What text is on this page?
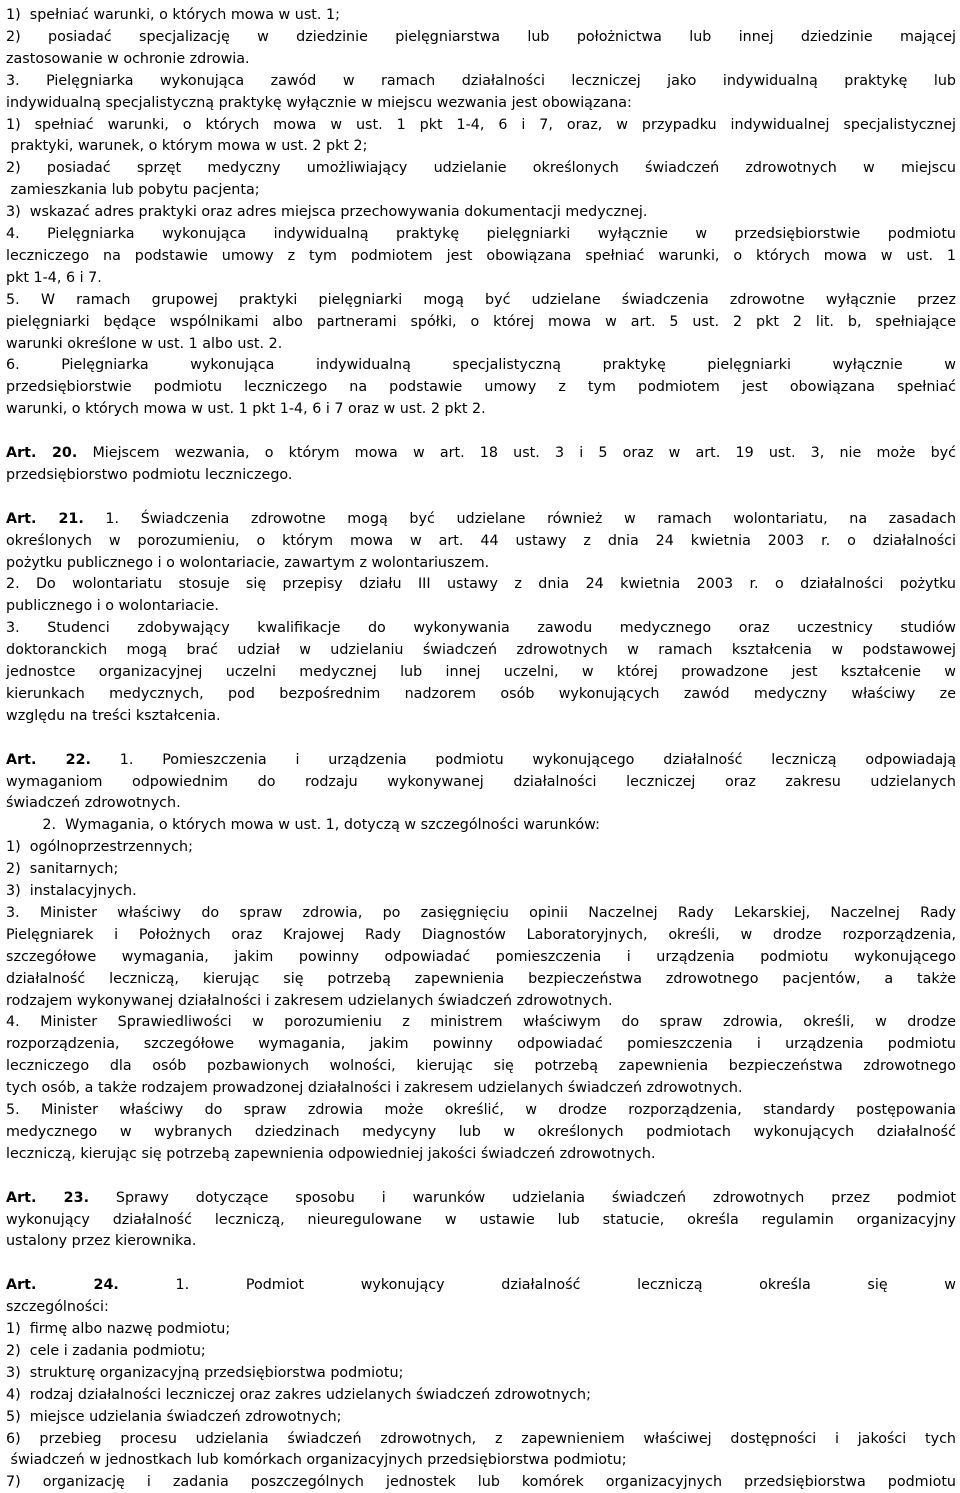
1)  spełniać warunki, o których mowa w ust. 1;
2) posiadać specjalizację w dziedzinie pielęgniarstwa lub położnictwa lub innej dziedzinie mającej
zastosowanie w ochronie zdrowia.
3. Pielęgniarka wykonująca zawód w ramach działalności leczniczej jako indywidualną praktykę lub
indywidualną specjalistyczną praktykę wyłącznie w miejscu wezwania jest obowiązana:
1) spełniać warunki, o których mowa w ust. 1 pkt 1-4, 6 i 7, oraz, w przypadku indywidualnej specjalistycznej
praktyki, warunek, o którym mowa w ust. 2 pkt 2;
2) posiadać sprzęt medyczny umożliwiający udzielanie określonych świadczeń zdrowotnych w miejscu
zamieszkania lub pobytu pacjenta;
3)  wskazać adres praktyki oraz adres miejsca przechowywania dokumentacji medycznej.
4. Pielęgniarka wykonująca indywidualną praktykę pielęgniarki wyłącznie w przedsiębiorstwie podmiotu
leczniczego na podstawie umowy z tym podmiotem jest obowiązana spełniać warunki, o których mowa w ust. 1
pkt 1-4, 6 i 7.
5. W ramach grupowej praktyki pielęgniarki mogą być udzielane świadczenia zdrowotne wyłącznie przez
pielęgniarki będące wspólnikami albo partnerami spółki, o której mowa w art. 5 ust. 2 pkt 2 lit. b, spełniające
warunki określone w ust. 1 albo ust. 2.
6. Pielęgniarka wykonująca indywidualną specjalistyczną praktykę pielęgniarki wyłącznie w
przedsiębiorstwie podmiotu leczniczego na podstawie umowy z tym podmiotem jest obowiązana spełniać
warunki, o których mowa w ust. 1 pkt 1-4, 6 i 7 oraz w ust. 2 pkt 2.
Art. 20. Miejscem wezwania, o którym mowa w art. 18 ust. 3 i 5 oraz w art. 19 ust. 3, nie może być
przedsiębiorstwo podmiotu leczniczego.
Art. 21. 1. Świadczenia zdrowotne mogą być udzielane również w ramach wolontariatu, na zasadach
określonych w porozumieniu, o którym mowa w art. 44 ustawy z dnia 24 kwietnia 2003 r. o działalności
pożytku publicznego i o wolontariacie, zawartym z wolontariuszem.
2. Do wolontariatu stosuje się przepisy działu III ustawy z dnia 24 kwietnia 2003 r. o działalności pożytku
publicznego i o wolontariacie.
3. Studenci zdobywający kwalifikacje do wykonywania zawodu medycznego oraz uczestnicy studiów
doktoranckich mogą brać udział w udzielaniu świadczeń zdrowotnych w ramach kształcenia w podstawowej
jednostce organizacyjnej uczelni medycznej lub innej uczelni, w której prowadzone jest kształcenie w
kierunkach medycznych, pod bezpośrednim nadzorem osób wykonujących zawód medyczny właściwy ze
względu na treści kształcenia.
Art. 22. 1. Pomieszczenia i urządzenia podmiotu wykonującego działalność leczniczą odpowiadają
wymaganiom odpowiednim do rodzaju wykonywanej działalności leczniczej oraz zakresu udzielanych
świadczeń zdrowotnych.
2.  Wymagania, o których mowa w ust. 1, dotyczą w szczególności warunków:
1)  ogólnoprzestrzennych;
2)  sanitarnych;
3)  instalacyjnych.
3. Minister właściwy do spraw zdrowia, po zasięgnięciu opinii Naczelnej Rady Lekarskiej, Naczelnej Rady
Pielęgniarek i Położnych oraz Krajowej Rady Diagnostów Laboratoryjnych, określi, w drodze rozporządzenia,
szczegółowe wymagania, jakim powinny odpowiadać pomieszczenia i urządzenia podmiotu wykonującego
działalność leczniczą, kierując się potrzebą zapewnienia bezpieczeństwa zdrowotnego pacjentów, a także
rodzajem wykonywanej działalności i zakresem udzielanych świadczeń zdrowotnych.
4. Minister Sprawiedliwości w porozumieniu z ministrem właściwym do spraw zdrowia, określi, w drodze
rozporządzenia, szczegółowe wymagania, jakim powinny odpowiadać pomieszczenia i urządzenia podmiotu
leczniczego dla osób pozbawionych wolności, kierując się potrzebą zapewnienia bezpieczeństwa zdrowotnego
tych osób, a także rodzajem prowadzonej działalności i zakresem udzielanych świadczeń zdrowotnych.
5. Minister właściwy do spraw zdrowia może określić, w drodze rozporządzenia, standardy postępowania
medycznego w wybranych dziedzinach medycyny lub w określonych podmiotach wykonujących działalność
leczniczą, kierując się potrzebą zapewnienia odpowiedniej jakości świadczeń zdrowotnych.
Art. 23. Sprawy dotyczące sposobu i warunków udzielania świadczeń zdrowotnych przez podmiot
wykonujący działalność leczniczą, nieuregulowane w ustawie lub statucie, określa regulamin organizacyjny
ustalony przez kierownika.
Art. 24. 1. Podmiot wykonujący działalność leczniczą określa się w
szczególności:
1)  firmę albo nazwę podmiotu;
2)  cele i zadania podmiotu;
3)  strukturę organizacyjną przedsiębiorstwa podmiotu;
4)  rodzaj działalności leczniczej oraz zakres udzielanych świadczeń zdrowotnych;
5)  miejsce udzielania świadczeń zdrowotnych;
6) przebieg procesu udzielania świadczeń zdrowotnych, z zapewnieniem właściwej dostępności i jakości tych
świadczeń w jednostkach lub komórkach organizacyjnych przedsiębiorstwa podmiotu;
7) organizację i zadania poszczególnych jednostek lub komórek organizacyjnych przedsiębiorstwa podmiotu
